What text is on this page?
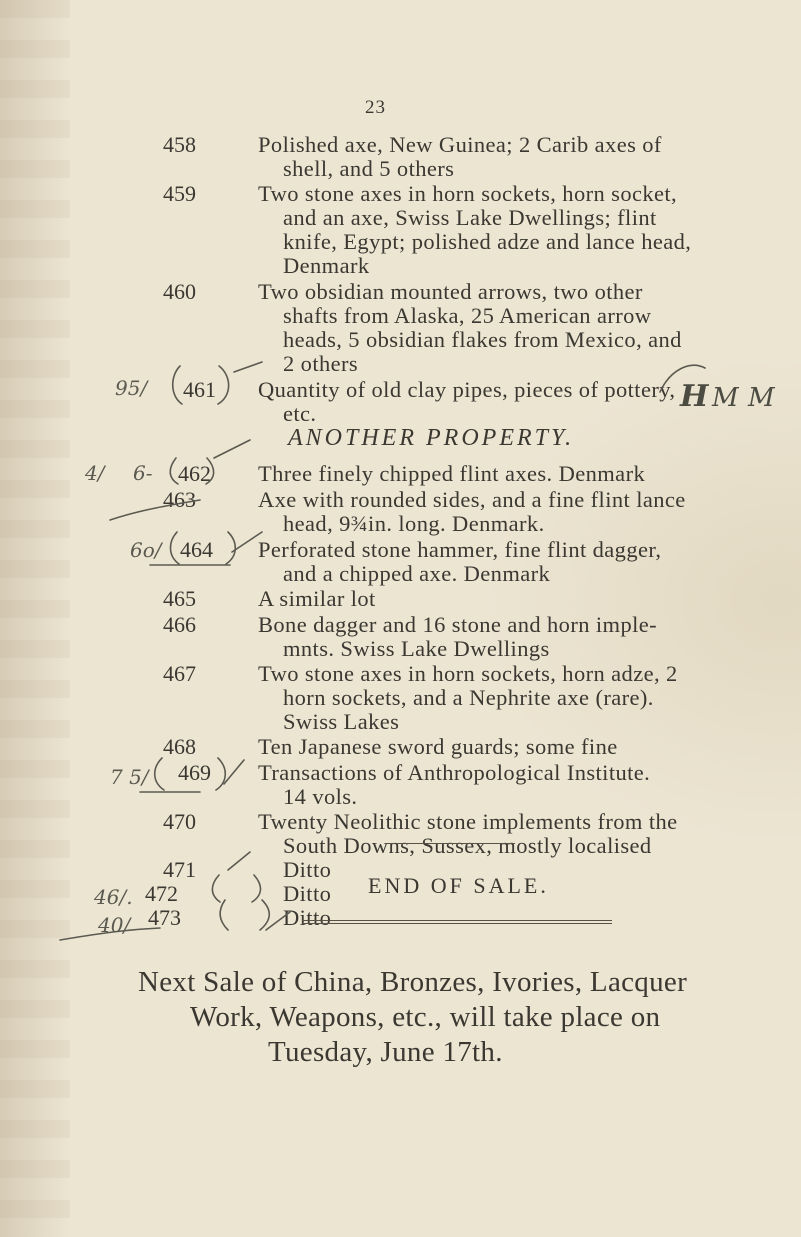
23
458	Polished axe, New Guinea; 2 Carib axes of
shell, and 5 others
459	Two stone axes in horn sockets, horn socket,
and an axe, Swiss Lake Dwellings; flint
knife, Egypt; polished adze and lance head,
Denmark
460	Two obsidian mounted arrows, two other
shafts from Alaska, 25 American arrow
heads, 5 obsidian flakes from Mexico, and
2 others
461 Quantity of old clay pipes, pieces of pottery,
etc.
ANOTHER PROPERTY.
462 Three finely chipped flint axes. Denmark
463	Axe with rounded sides, and a fine flint lance
head, 9¾in. long. Denmark.
464 Perforated stone hammer, fine flint dagger,
and a chipped axe. Denmark
465	A similar lot
466	Bone dagger and 16 stone and horn imple-
mnts. Swiss Lake Dwellings
467	Two stone axes in horn sockets, horn adze, 2
horn sockets, and a Nephrite axe (rare).
Swiss Lakes
468	Ten Japanese sword guards; some fine
469 Transactions of Anthropological Institute.
14 vols.
470	Twenty Neolithic stone implements from the
South Downs, Sussex, mostly localised
471	Ditto
472	Ditto
473	Ditto
END OF SALE.
Next Sale of China, Bronzes, Ivories, Lacquer
Work, Weapons, etc., will take place on
Tuesday, June 17th.
95/
6-
4/
6o/
7 5/
46/.
40/
H M M
